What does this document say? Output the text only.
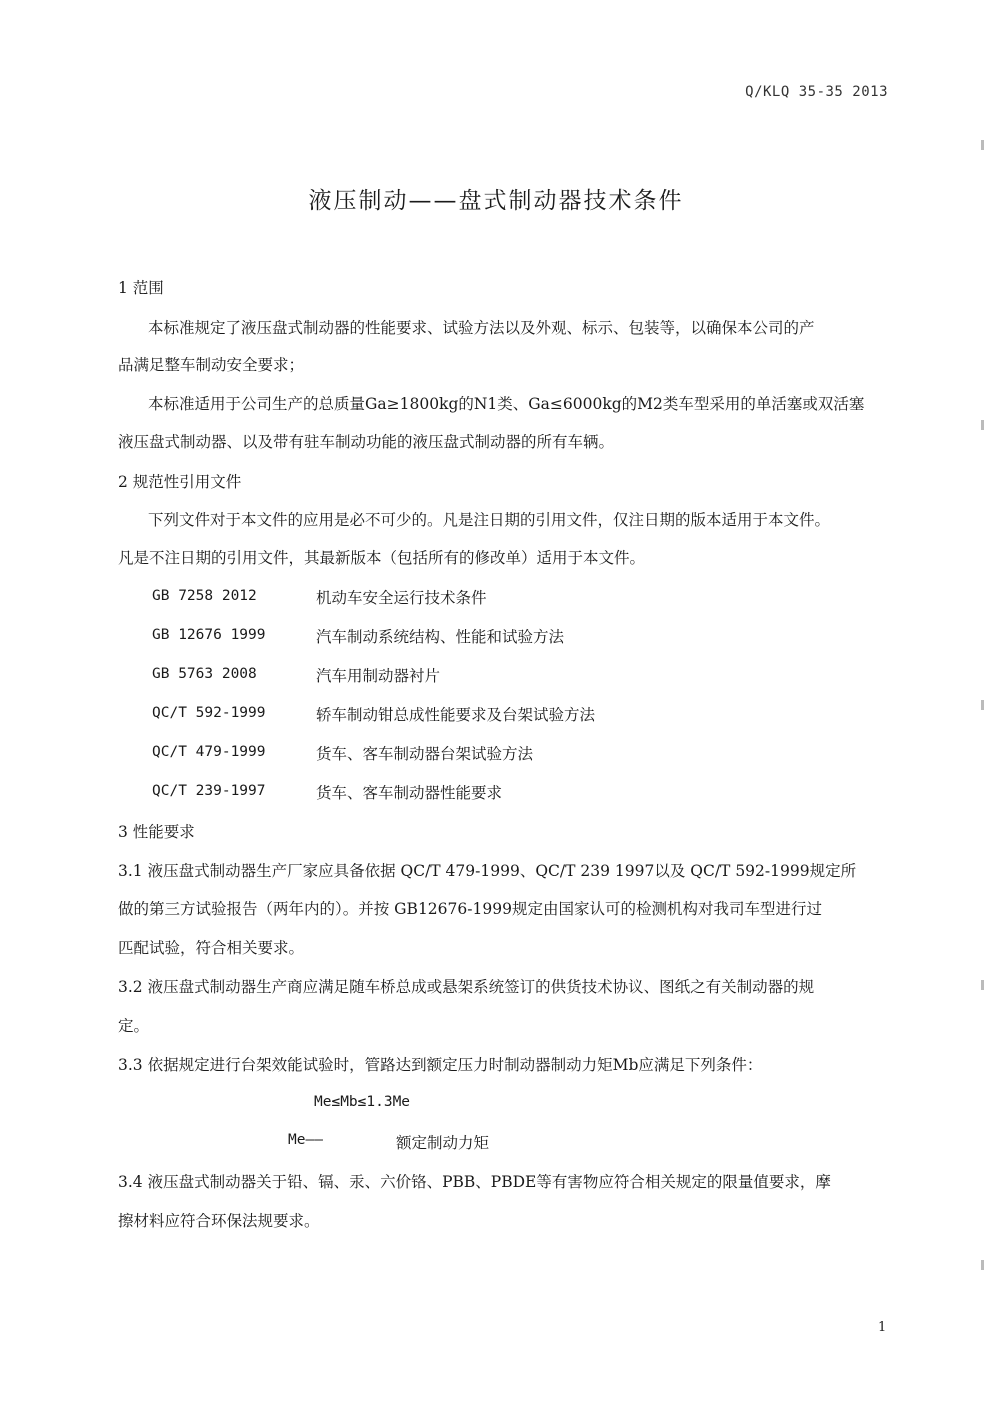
Q/KLQ 35-35 2013
液压制动——盘式制动器技术条件
1 范围
本标准规定了液压盘式制动器的性能要求、试验方法以及外观、标示、包装等，以确保本公司的产
品满足整车制动安全要求；
本标准适用于公司生产的总质量Ga≥1800kg的N1类、Ga≤6000kg的M2类车型采用的单活塞或双活塞
液压盘式制动器、以及带有驻车制动功能的液压盘式制动器的所有车辆。
2 规范性引用文件
下列文件对于本文件的应用是必不可少的。凡是注日期的引用文件，仅注日期的版本适用于本文件。
凡是不注日期的引用文件，其最新版本（包括所有的修改单）适用于本文件。
GB 7258 2012	机动车安全运行技术条件
GB 12676 1999	汽车制动系统结构、性能和试验方法
GB 5763 2008	汽车用制动器衬片
QC/T 592-1999	轿车制动钳总成性能要求及台架试验方法
QC/T 479-1999	货车、客车制动器台架试验方法
QC/T 239-1997	货车、客车制动器性能要求
3 性能要求
3.1 液压盘式制动器生产厂家应具备依据 QC/T 479-1999、QC/T 239 1997以及 QC/T 592-1999规定所
做的第三方试验报告（两年内的）。并按 GB12676-1999规定由国家认可的检测机构对我司车型进行过
匹配试验，符合相关要求。
3.2 液压盘式制动器生产商应满足随车桥总成或悬架系统签订的供货技术协议、图纸之有关制动器的规
定。
3.3 依据规定进行台架效能试验时，管路达到额定压力时制动器制动力矩Mb应满足下列条件：
Me≤Mb≤1.3Me
Me——	额定制动力矩
3.4 液压盘式制动器关于铅、镉、汞、六价铬、PBB、PBDE等有害物应符合相关规定的限量值要求，摩
擦材料应符合环保法规要求。
1
